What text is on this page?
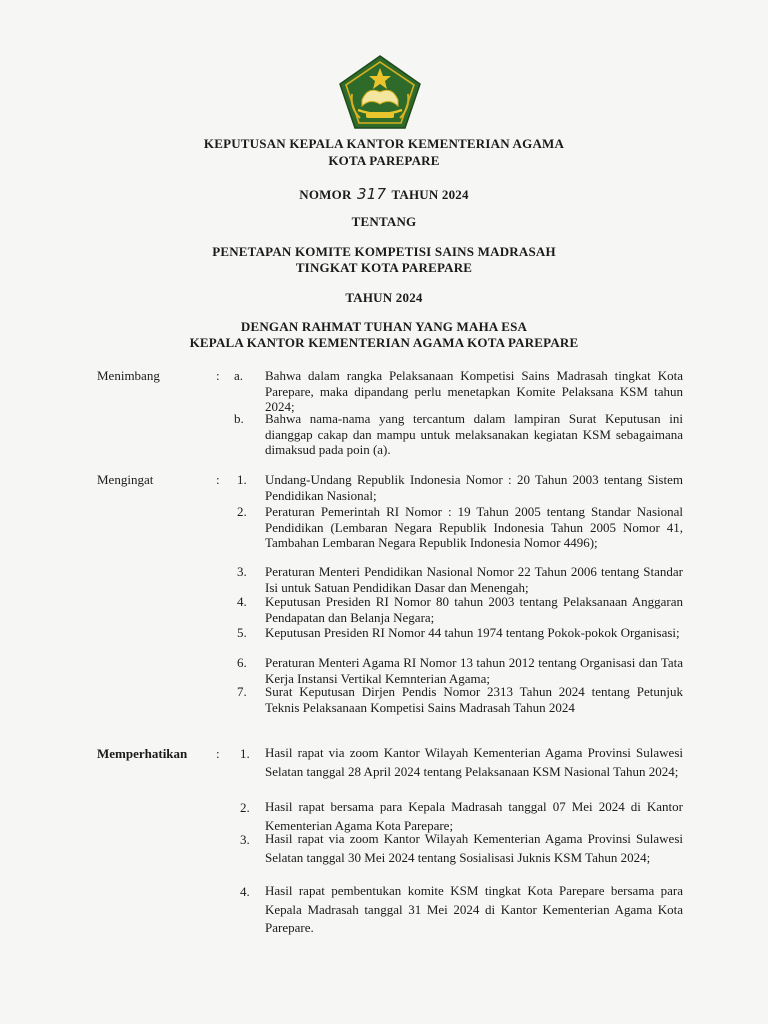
KEPUTUSAN KEPALA KANTOR KEMENTERIAN AGAMA
KOTA PAREPARE
NOMOR 317 TAHUN 2024
TENTANG
PENETAPAN KOMITE KOMPETISI SAINS MADRASAH
TINGKAT KOTA PAREPARE
TAHUN 2024
DENGAN RAHMAT TUHAN YANG MAHA ESA
KEPALA KANTOR KEMENTERIAN AGAMA KOTA PAREPARE
Menimbang	: a. Bahwa dalam rangka Pelaksanaan Kompetisi Sains Madrasah tingkat Kota Parepare, maka dipandang perlu menetapkan Komite Pelaksana KSM tahun 2024;
b. Bahwa nama-nama yang tercantum dalam lampiran Surat Keputusan ini dianggap cakap dan mampu untuk melaksanakan kegiatan KSM sebagaimana dimaksud pada poin (a).
Mengingat	: 1. Undang-Undang Republik Indonesia Nomor : 20 Tahun 2003 tentang Sistem Pendidikan Nasional;
2. Peraturan Pemerintah RI Nomor : 19 Tahun 2005 tentang Standar Nasional Pendidikan (Lembaran Negara Republik Indonesia Tahun 2005 Nomor 41, Tambahan Lembaran Negara Republik Indonesia Nomor 4496);
3. Peraturan Menteri Pendidikan Nasional Nomor 22 Tahun 2006 tentang Standar Isi untuk Satuan Pendidikan Dasar dan Menengah;
4. Keputusan Presiden RI Nomor 80 tahun 2003 tentang Pelaksanaan Anggaran Pendapatan dan Belanja Negara;
5. Keputusan Presiden RI Nomor 44 tahun 1974 tentang Pokok-pokok Organisasi;
6. Peraturan Menteri Agama RI Nomor 13 tahun 2012 tentang Organisasi dan Tata Kerja Instansi Vertikal Kemnterian Agama;
7. Surat Keputusan Dirjen Pendis Nomor 2313 Tahun 2024 tentang Petunjuk Teknis Pelaksanaan Kompetisi Sains Madrasah Tahun 2024
Memperhatikan : 1. Hasil rapat via zoom Kantor Wilayah Kementerian Agama Provinsi Sulawesi Selatan tanggal 28 April 2024 tentang Pelaksanaan KSM Nasional Tahun 2024;
2. Hasil rapat bersama para Kepala Madrasah tanggal 07 Mei 2024 di Kantor Kementerian Agama Kota Parepare;
3. Hasil rapat via zoom Kantor Wilayah Kementerian Agama Provinsi Sulawesi Selatan tanggal 30 Mei 2024 tentang Sosialisasi Juknis KSM Tahun 2024;
4. Hasil rapat pembentukan komite KSM tingkat Kota Parepare bersama para Kepala Madrasah tanggal 31 Mei 2024 di Kantor Kementerian Agama Kota Parepare.
